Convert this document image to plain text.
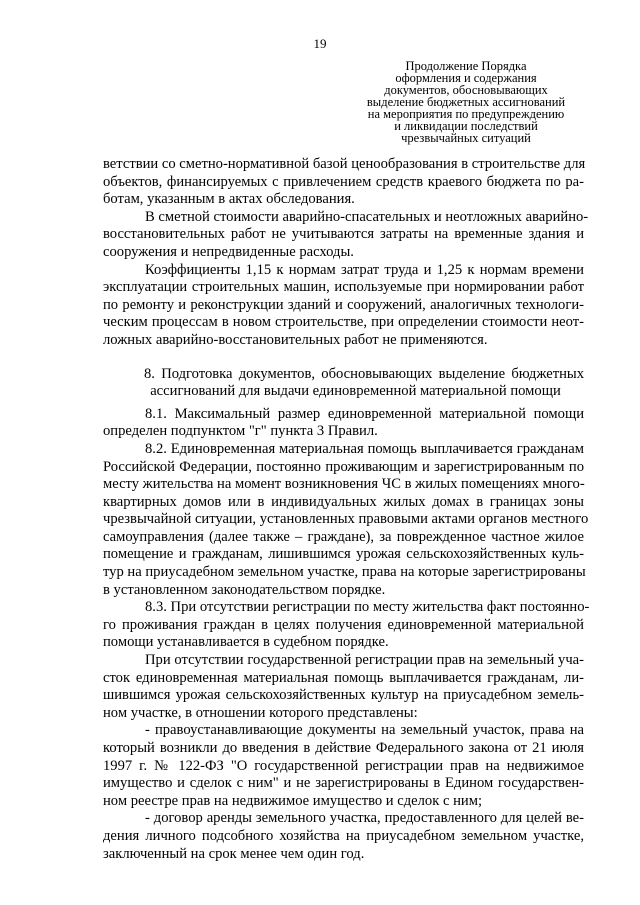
19
Продолжение Порядка
оформления и содержания
документов, обосновывающих
выделение бюджетных ассигнований
на мероприятия по предупреждению
и ликвидации последствий
чрезвычайных ситуаций

ветствии со сметно-нормативной базой ценообразования в строительстве для
объектов, финансируемых с привлечением средств краевого бюджета по ра-
ботам, указанным в актах обследования.

В сметной стоимости аварийно-спасательных и неотложных аварийно-
восстановительных работ не учитываются затраты на временные здания и
сооружения и непредвиденные расходы.

Коэффициенты 1,15 к нормам затрат труда и 1,25 к нормам времени
эксплуатации строительных машин, используемые при нормировании работ
по ремонту и реконструкции зданий и сооружений, аналогичных технологи-
ческим процессам в новом строительстве, при определении стоимости неот-
ложных аварийно-восстановительных работ не применяются.

8. Подготовка документов, обосновывающих выделение бюджетных
ассигнований для выдачи единовременной материальной помощи

8.1. Максимальный размер единовременной материальной помощи
определен подпунктом "г" пункта 3 Правил.

8.2. Единовременная материальная помощь выплачивается гражданам
Российской Федерации, постоянно проживающим и зарегистрированным по
месту жительства на момент возникновения ЧС в жилых помещениях много-
квартирных домов или в индивидуальных жилых домах в границах зоны
чрезвычайной ситуации, установленных правовыми актами органов местного
самоуправления (далее также – граждане), за поврежденное частное жилое
помещение и гражданам, лишившимся урожая сельскохозяйственных куль-
тур на приусадебном земельном участке, права на которые зарегистрированы
в установленном законодательством порядке.

8.3. При отсутствии регистрации по месту жительства факт постоянно-
го проживания граждан в целях получения единовременной материальной
помощи устанавливается в судебном порядке.

При отсутствии государственной регистрации прав на земельный уча-
сток единовременная материальная помощь выплачивается гражданам, ли-
шившимся урожая сельскохозяйственных культур на приусадебном земель-
ном участке, в отношении которого представлены:

- правоустанавливающие документы на земельный участок, права на
который возникли до введения в действие Федерального закона от 21 июля
1997 г. № 122-ФЗ "О государственной регистрации прав на недвижимое
имущество и сделок с ним" и не зарегистрированы в Едином государствен-
ном реестре прав на недвижимое имущество и сделок с ним;

- договор аренды земельного участка, предоставленного для целей ве-
дения личного подсобного хозяйства на приусадебном земельном участке,
заключенный на срок менее чем один год.
